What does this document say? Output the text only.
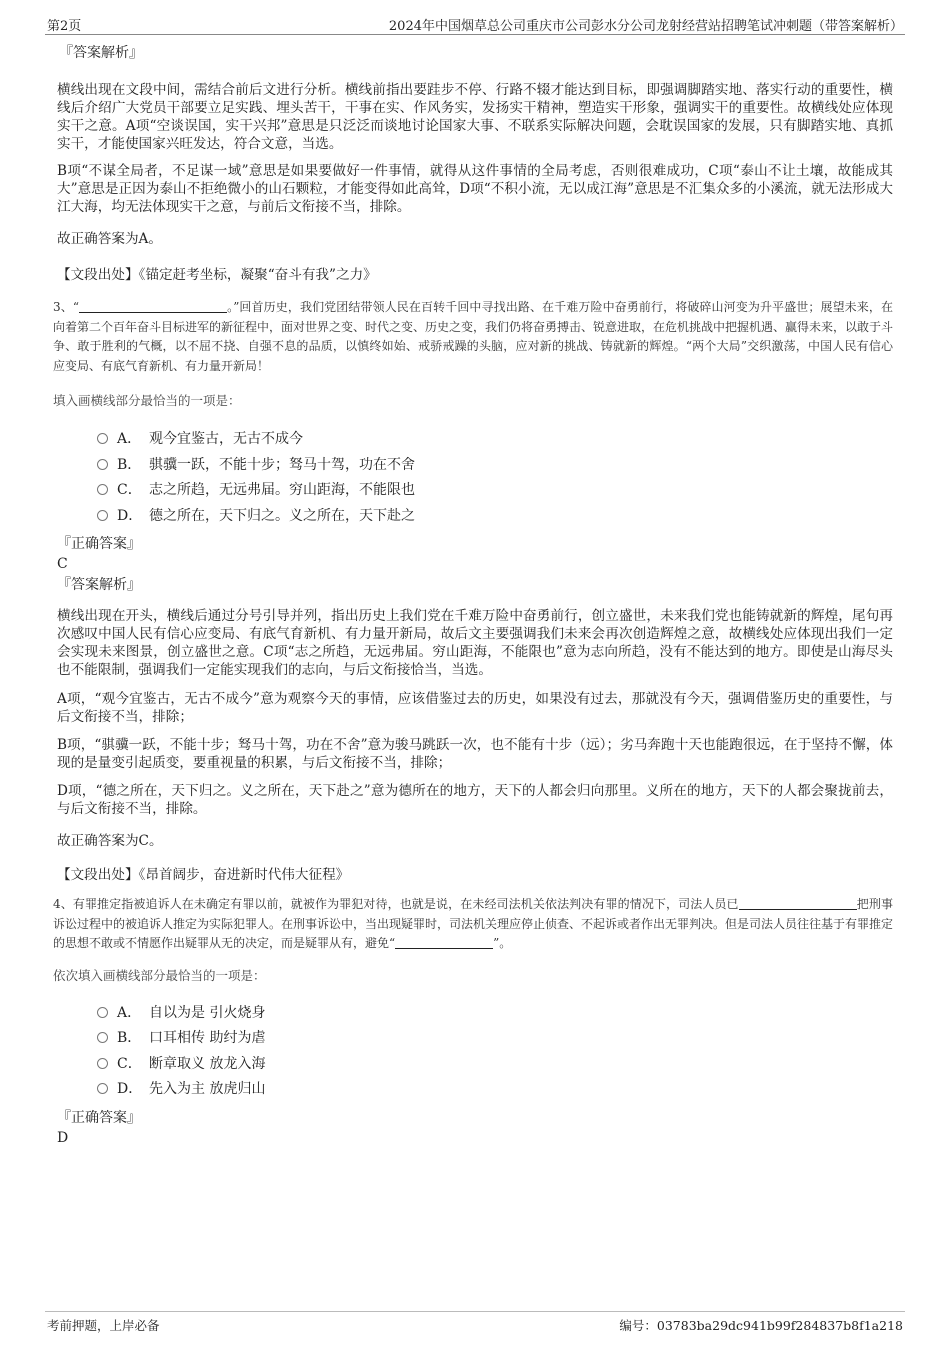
第2页	2024年中国烟草总公司重庆市公司彭水分公司龙射经营站招聘笔试冲刺题（带答案解析）

『答案解析』

横线出现在文段中间，需结合前后文进行分析。横线前指出要跬步不停、行路不辍才能达到目标，即强调脚踏实地、落实行动的重要性，横线后介绍广大党员干部要立足实践、埋头苦干，干事在实、作风务实，发扬实干精神，塑造实干形象，强调实干的重要性。故横线处应体现实干之意。A项“空谈误国，实干兴邦”意思是只泛泛而谈地讨论国家大事、不联系实际解决问题，会耽误国家的发展，只有脚踏实地、真抓实干，才能使国家兴旺发达，符合文意，当选。

B项“不谋全局者，不足谋一域”意思是如果要做好一件事情，就得从这件事情的全局考虑，否则很难成功，C项“泰山不让土壤，故能成其大”意思是正因为泰山不拒绝微小的山石颗粒，才能变得如此高耸，D项“不积小流，无以成江海”意思是不汇集众多的小溪流，就无法形成大江大海，均无法体现实干之意，与前后文衔接不当，排除。

故正确答案为A。

【文段出处】《锚定赶考坐标，凝聚“奋斗有我”之力》

3、“	。”回首历史，我们党团结带领人民在百转千回中寻找出路、在千难万险中奋勇前行，将破碎山河变为升平盛世；展望未来，在向着第二个百年奋斗目标进军的新征程中，面对世界之变、时代之变、历史之变，我们仍将奋勇搏击、锐意进取，在危机挑战中把握机遇、赢得未来，以敢于斗争、敢于胜利的气概，以不屈不挠、自强不息的品质，以慎终如始、戒骄戒躁的头脑，应对新的挑战、铸就新的辉煌。“两个大局”交织激荡，中国人民有信心应变局、有底气育新机、有力量开新局！

填入画横线部分最恰当的一项是：

A． 观今宜鉴古，无古不成今
B． 骐骥一跃，不能十步；驽马十驾，功在不舍
C． 志之所趋，无远弗届。穷山距海，不能限也
D． 德之所在，天下归之。义之所在，天下赴之

『正确答案』

C

『答案解析』

横线出现在开头，横线后通过分号引导并列，指出历史上我们党在千难万险中奋勇前行，创立盛世，未来我们党也能铸就新的辉煌，尾句再次感叹中国人民有信心应变局、有底气育新机、有力量开新局，故后文主要强调我们未来会再次创造辉煌之意，故横线处应体现出我们一定会实现未来图景，创立盛世之意。C项“志之所趋，无远弗届。穷山距海，不能限也”意为志向所趋，没有不能达到的地方。即使是山海尽头也不能限制，强调我们一定能实现我们的志向，与后文衔接恰当，当选。

A项，“观今宜鉴古，无古不成今”意为观察今天的事情，应该借鉴过去的历史，如果没有过去，那就没有今天，强调借鉴历史的重要性，与后文衔接不当，排除；

B项，“骐骥一跃，不能十步；驽马十驾，功在不舍”意为骏马跳跃一次，也不能有十步（远）；劣马奔跑十天也能跑很远，在于坚持不懈，体现的是量变引起质变，要重视量的积累，与后文衔接不当，排除；

D项，“德之所在，天下归之。义之所在，天下赴之”意为德所在的地方，天下的人都会归向那里。义所在的地方，天下的人都会聚拢前去，与后文衔接不当，排除。

故正确答案为C。

【文段出处】《昂首阔步，奋进新时代伟大征程》

4、有罪推定指被追诉人在未确定有罪以前，就被作为罪犯对待，也就是说，在未经司法机关依法判决有罪的情况下，司法人员已	把刑事诉讼过程中的被追诉人推定为实际犯罪人。在刑事诉讼中，当出现疑罪时，司法机关理应停止侦查、不起诉或者作出无罪判决。但是司法人员往往基于有罪推定的思想不敢或不情愿作出疑罪从无的决定，而是疑罪从有，避免“	”。

依次填入画横线部分最恰当的一项是：

A． 自以为是 引火烧身
B． 口耳相传 助纣为虐
C． 断章取义 放龙入海
D． 先入为主 放虎归山

『正确答案』

D

考前押题，上岸必备	编号：03783ba29dc941b99f284837b8f1a218
